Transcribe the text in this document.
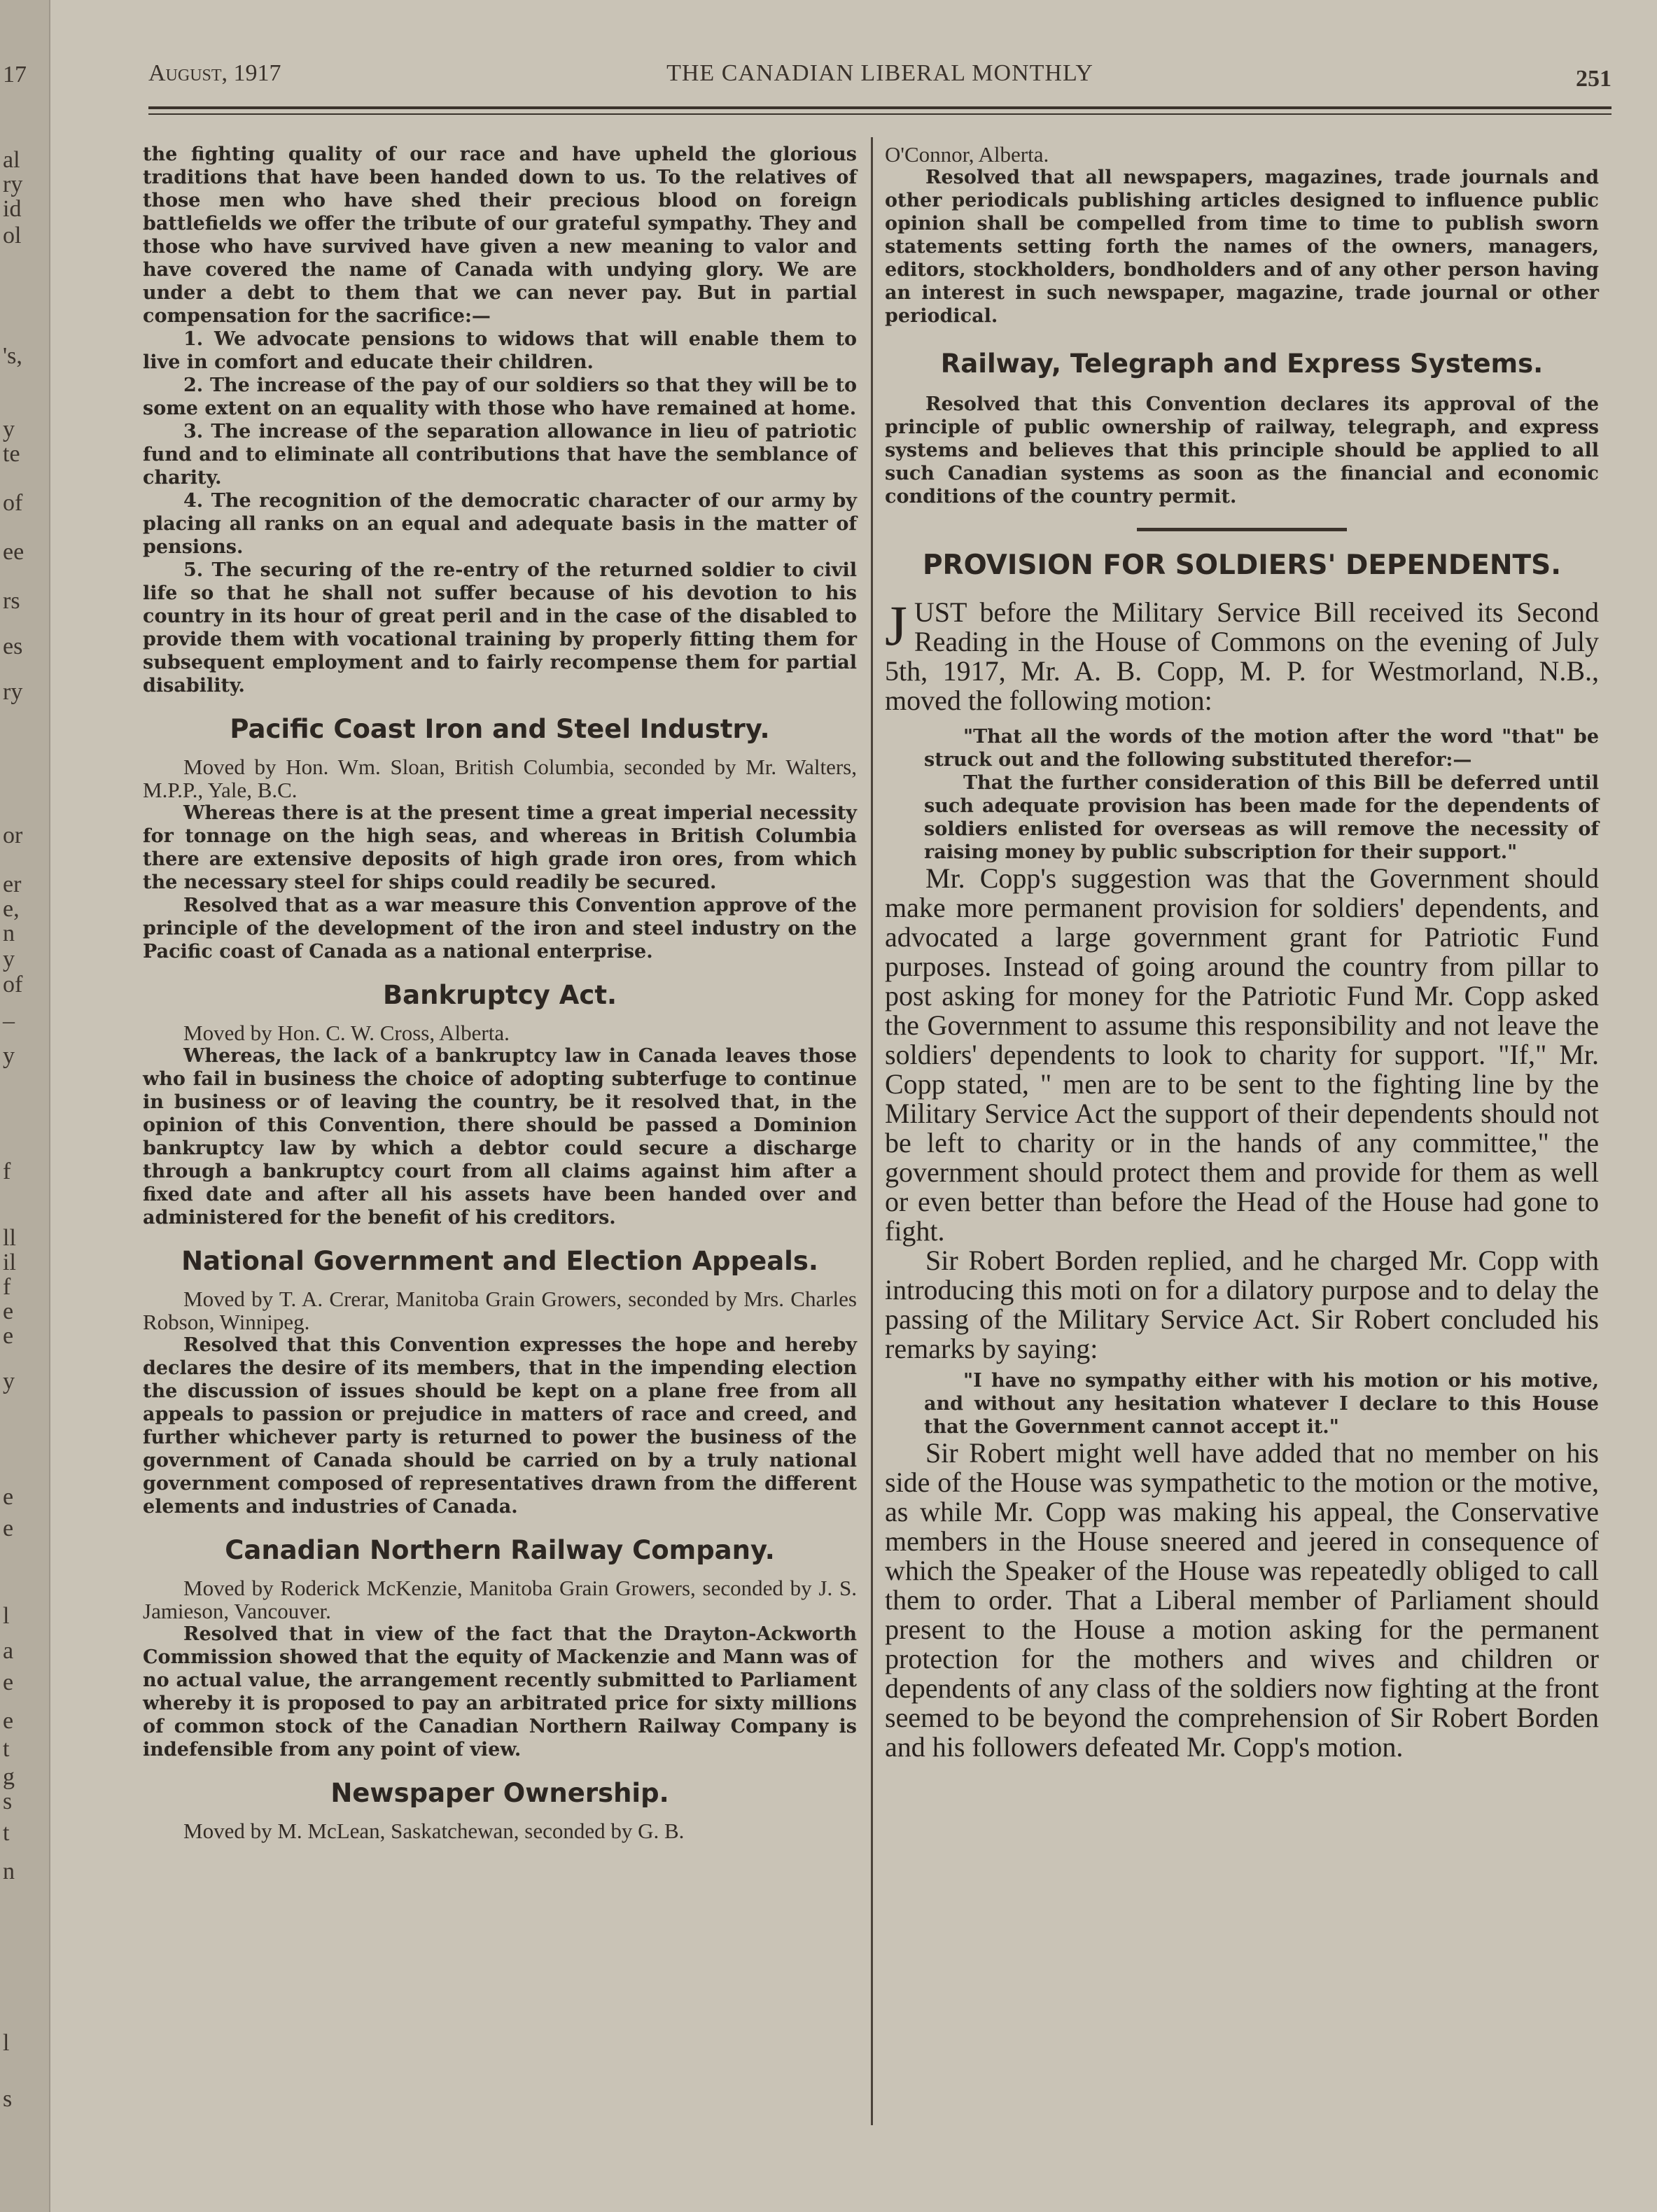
17
al
ry
id
ol
's,
y
te
of
ee
rs
es
ry
or
er
e,
n
y
of
–
y
f
ll
il
f
e
e
y
e
e
l
a
e
e
t
g
s
t
n
l
s
August, 1917	THE CANADIAN LIBERAL MONTHLY	251

the fighting quality of our race and have upheld the glorious traditions that have been handed down to us. To the relatives of those men who have shed their precious blood on foreign battlefields we offer the tribute of our grateful sympathy. They and those who have survived have given a new meaning to valor and have covered the name of Canada with undying glory. We are under a debt to them that we can never pay. But in partial compensation for the sacrifice:—

1. We advocate pensions to widows that will enable them to live in comfort and educate their children.

2. The increase of the pay of our soldiers so that they will be to some extent on an equality with those who have remained at home.

3. The increase of the separation allowance in lieu of patriotic fund and to eliminate all contributions that have the semblance of charity.

4. The recognition of the democratic character of our army by placing all ranks on an equal and adequate basis in the matter of pensions.

5. The securing of the re-entry of the returned soldier to civil life so that he shall not suffer because of his devotion to his country in its hour of great peril and in the case of the disabled to provide them with vocational training by properly fitting them for subsequent employment and to fairly recompense them for partial disability.

Pacific Coast Iron and Steel Industry.

Moved by Hon. Wm. Sloan, British Columbia, seconded by Mr. Walters, M.P.P., Yale, B.C.

Whereas there is at the present time a great imperial necessity for tonnage on the high seas, and whereas in British Columbia there are extensive deposits of high grade iron ores, from which the necessary steel for ships could readily be secured.

Resolved that as a war measure this Convention approve of the principle of the development of the iron and steel industry on the Pacific coast of Canada as a national enterprise.

Bankruptcy Act.

Moved by Hon. C. W. Cross, Alberta.

Whereas, the lack of a bankruptcy law in Canada leaves those who fail in business the choice of adopting subterfuge to continue in business or of leaving the country, be it resolved that, in the opinion of this Convention, there should be passed a Dominion bankruptcy law by which a debtor could secure a discharge through a bankruptcy court from all claims against him after a fixed date and after all his assets have been handed over and administered for the benefit of his creditors.

National Government and Election Appeals.

Moved by T. A. Crerar, Manitoba Grain Growers, seconded by Mrs. Charles Robson, Winnipeg.

Resolved that this Convention expresses the hope and hereby declares the desire of its members, that in the impending election the discussion of issues should be kept on a plane free from all appeals to passion or prejudice in matters of race and creed, and further whichever party is returned to power the business of the government of Canada should be carried on by a truly national government composed of representatives drawn from the different elements and industries of Canada.

Canadian Northern Railway Company.

Moved by Roderick McKenzie, Manitoba Grain Growers, seconded by J. S. Jamieson, Vancouver.

Resolved that in view of the fact that the Drayton-Ackworth Commission showed that the equity of Mackenzie and Mann was of no actual value, the arrangement recently submitted to Parliament whereby it is proposed to pay an arbitrated price for sixty millions of common stock of the Canadian Northern Railway Company is indefensible from any point of view.

Newspaper Ownership.

Moved by M. McLean, Saskatchewan, seconded by G. B.

O'Connor, Alberta.

Resolved that all newspapers, magazines, trade journals and other periodicals publishing articles designed to influence public opinion shall be compelled from time to time to publish sworn statements setting forth the names of the owners, managers, editors, stockholders, bondholders and of any other person having an interest in such newspaper, magazine, trade journal or other periodical.

Railway, Telegraph and Express Systems.

Resolved that this Convention declares its approval of the principle of public ownership of railway, telegraph, and express systems and believes that this principle should be applied to all such Canadian systems as soon as the financial and economic conditions of the country permit.

PROVISION FOR SOLDIERS' DEPENDENTS.

JUST before the Military Service Bill received its Second Reading in the House of Commons on the evening of July 5th, 1917, Mr. A. B. Copp, M. P. for Westmorland, N.B., moved the following motion:

"That all the words of the motion after the word "that" be struck out and the following substituted therefor:—

That the further consideration of this Bill be deferred until such adequate provision has been made for the dependents of soldiers enlisted for overseas as will remove the necessity of raising money by public subscription for their support."

Mr. Copp's suggestion was that the Government should make more permanent provision for soldiers' dependents, and advocated a large government grant for Patriotic Fund purposes. Instead of going around the country from pillar to post asking for money for the Patriotic Fund Mr. Copp asked the Government to assume this responsibility and not leave the soldiers' dependents to look to charity for support. "If," Mr. Copp stated, " men are to be sent to the fighting line by the Military Service Act the support of their dependents should not be left to charity or in the hands of any committee," the government should protect them and provide for them as well or even better than before the Head of the House had gone to fight.

Sir Robert Borden replied, and he charged Mr. Copp with introducing this moti on for a dilatory purpose and to delay the passing of the Military Service Act. Sir Robert concluded his remarks by saying:

"I have no sympathy either with his motion or his motive, and without any hesitation whatever I declare to this House that the Government cannot accept it."

Sir Robert might well have added that no member on his side of the House was sympathetic to the motion or the motive, as while Mr. Copp was making his appeal, the Conservative members in the House sneered and jeered in consequence of which the Speaker of the House was repeatedly obliged to call them to order. That a Liberal member of Parliament should present to the House a motion asking for the permanent protection for the mothers and wives and children or dependents of any class of the soldiers now fighting at the front seemed to be beyond the comprehension of Sir Robert Borden and his followers defeated Mr. Copp's motion.
